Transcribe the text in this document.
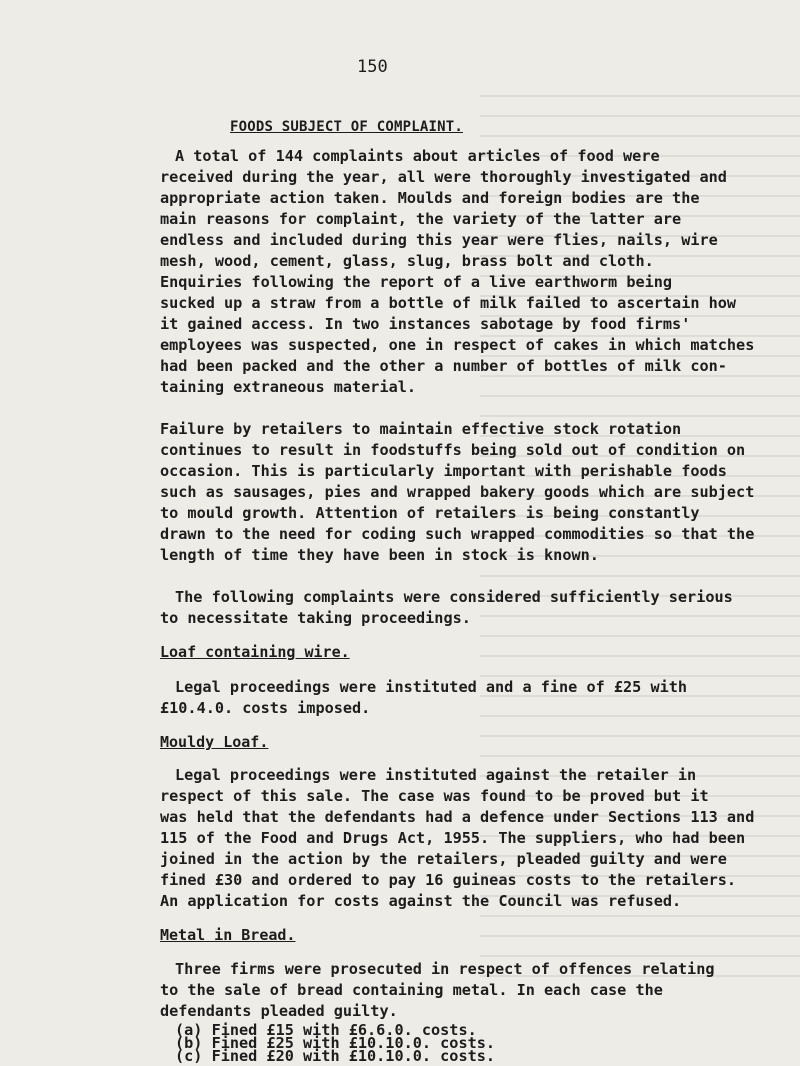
150
FOODS SUBJECT OF COMPLAINT.
A total of 144 complaints about articles of food were
received during the year, all were thoroughly investigated and
appropriate action taken. Moulds and foreign bodies are the
main reasons for complaint, the variety of the latter are
endless and included during this year were flies, nails, wire
mesh, wood, cement, glass, slug, brass bolt and cloth.
Enquiries following the report of a live earthworm being
sucked up a straw from a bottle of milk failed to ascertain how
it gained access. In two instances sabotage by food firms'
employees was suspected, one in respect of cakes in which matches
had been packed and the other a number of bottles of milk con-
taining extraneous material.
Failure by retailers to maintain effective stock rotation
continues to result in foodstuffs being sold out of condition on
occasion. This is particularly important with perishable foods
such as sausages, pies and wrapped bakery goods which are subject
to mould growth. Attention of retailers is being constantly
drawn to the need for coding such wrapped commodities so that the
length of time they have been in stock is known.
The following complaints were considered sufficiently serious
to necessitate taking proceedings.
Loaf containing wire.
Legal proceedings were instituted and a fine of £25 with
£10.4.0. costs imposed.
Mouldy Loaf.
Legal proceedings were instituted against the retailer in
respect of this sale. The case was found to be proved but it
was held that the defendants had a defence under Sections 113 and
115 of the Food and Drugs Act, 1955. The suppliers, who had been
joined in the action by the retailers, pleaded guilty and were
fined £30 and ordered to pay 16 guineas costs to the retailers.
An application for costs against the Council was refused.
Metal in Bread.
Three firms were prosecuted in respect of offences relating
to the sale of bread containing metal. In each case the
defendants pleaded guilty.
(a) Fined £15 with £6.6.0. costs.
(b) Fined £25 with £10.10.0. costs.
(c) Fined £20 with £10.10.0. costs.
